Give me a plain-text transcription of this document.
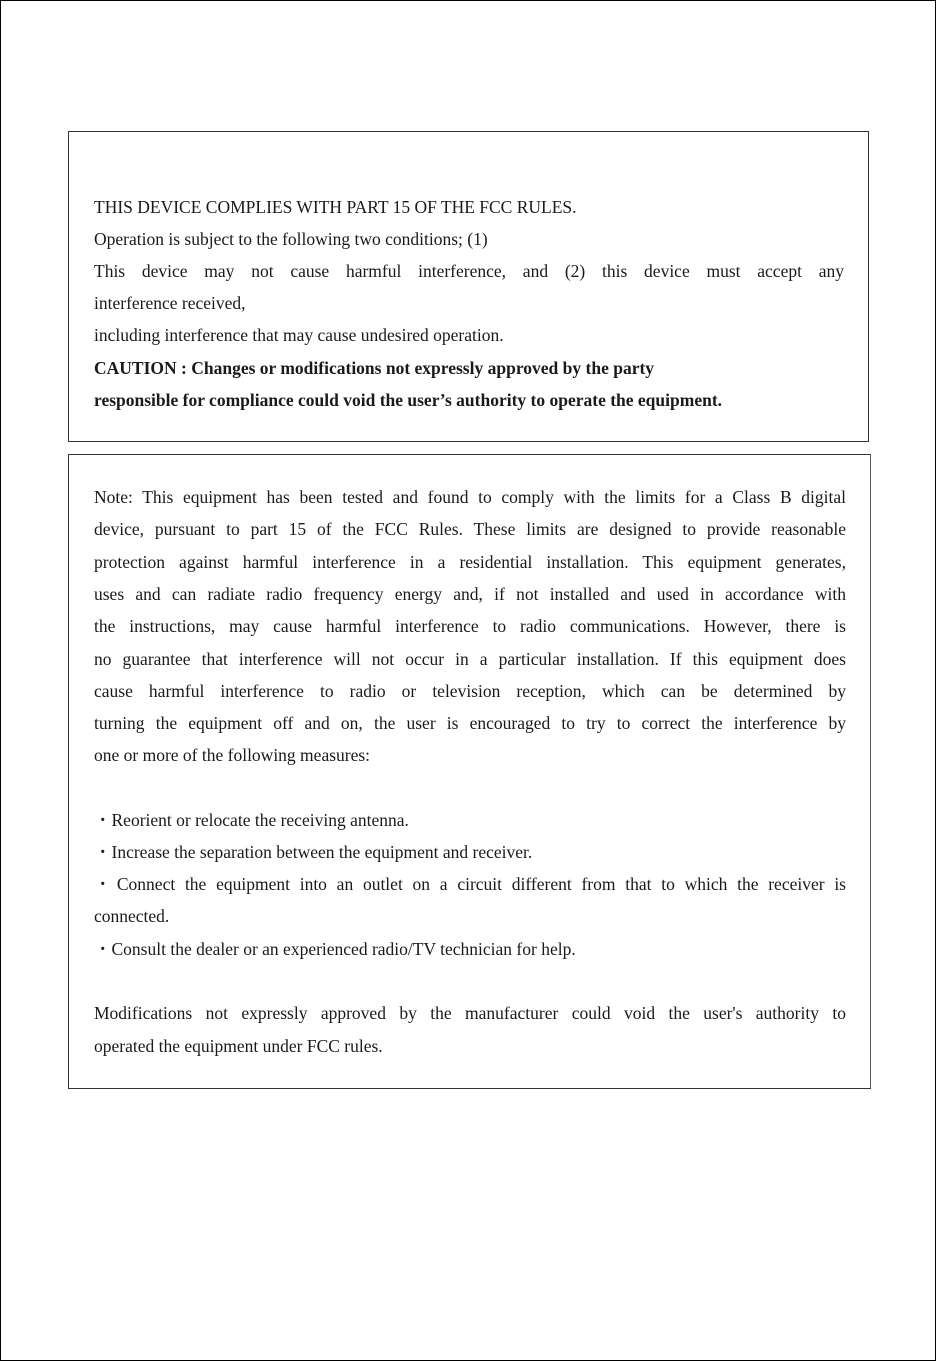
THIS DEVICE COMPLIES WITH PART 15 OF THE FCC RULES.
Operation is subject to the following two conditions; (1)
This device may not cause harmful interference, and (2) this device must accept any
interference received,
including interference that may cause undesired operation.
CAUTION : Changes or modifications not expressly approved by the party
responsible for compliance could void the user’s authority to operate the equipment.
Note: This equipment has been tested and found to comply with the limits for a Class B digital
device, pursuant to part 15 of the FCC Rules. These limits are designed to provide reasonable
protection against harmful interference in a residential installation. This equipment generates,
uses and can radiate radio frequency energy and, if not installed and used in accordance with
the instructions, may cause harmful interference to radio communications. However, there is
no guarantee that interference will not occur in a particular installation. If this equipment does
cause harmful interference to radio or television reception, which can be determined by
turning the equipment off and on, the user is encouraged to try to correct the interference by
one or more of the following measures:
・Reorient or relocate the receiving antenna.
・Increase the separation between the equipment and receiver.
・Connect the equipment into an outlet on a circuit different from that to which the receiver is
connected.
・Consult the dealer or an experienced radio/TV technician for help.
Modifications not expressly approved by the manufacturer could void the user's authority to
operated the equipment under FCC rules.
